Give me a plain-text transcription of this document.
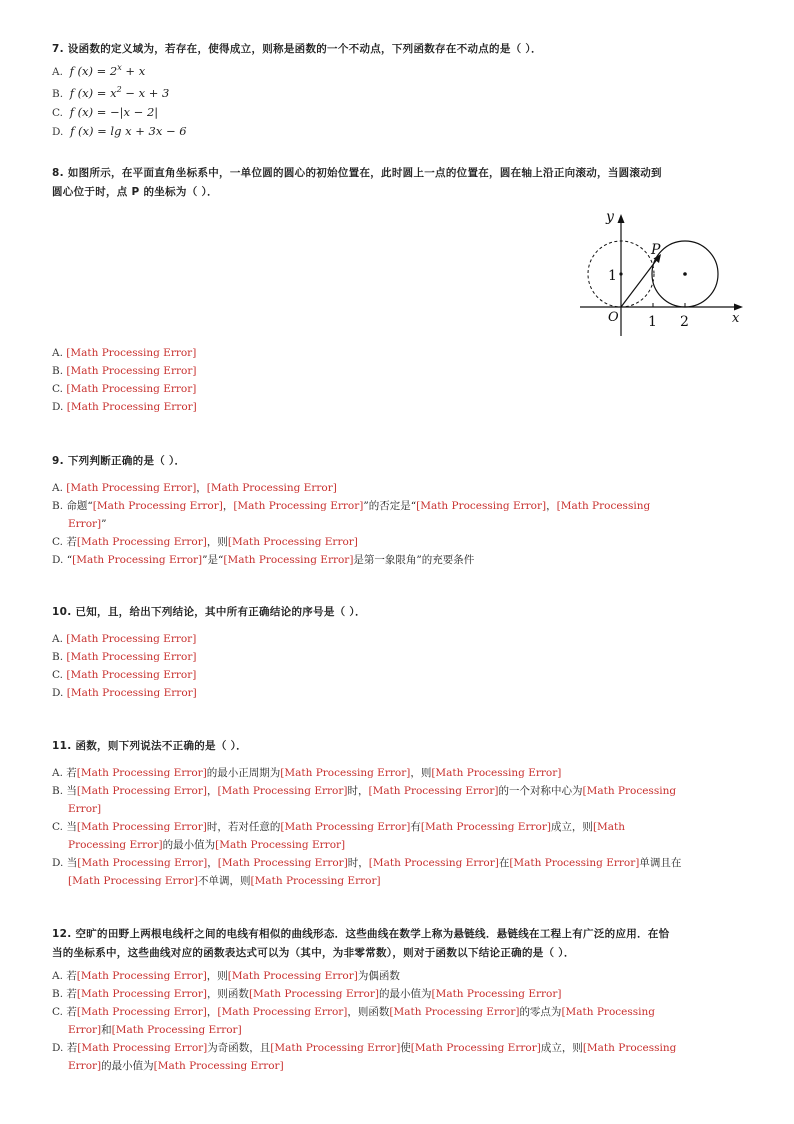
7. 设函数的定义域为，若存在，使得成立，则称是函数的一个不动点，下列函数存在不动点的是（ ）．
A. f $(x) = 2^x + x$
B. f $(x) = x^2 - x + 3$
C. f (x) = −|x − 2|
D. f (x) = lg x + 3x − 6
8. 如图所示，在平面直角坐标系中，一单位圆的圆心的初始位置在，此时圆上一点的位置在，圆在轴上沿正向滚动，当圆滚动到
圆心位于时，点 P 的坐标为（ ）．
y
x
O 1 2
1
P
A. [Math Processing Error]
B. [Math Processing Error]
C. [Math Processing Error]
D. [Math Processing Error]
9. 下列判断正确的是（ ）．
A. [Math Processing Error]，[Math Processing Error]
B. 命题“[Math Processing Error]，[Math Processing Error]”的否定是“[Math Processing Error]，[Math Processing
Error]”
C. 若[Math Processing Error]，则[Math Processing Error]
D. “[Math Processing Error]”是“[Math Processing Error]是第一象限角”的充要条件
10. 已知，且，给出下列结论，其中所有正确结论的序号是（ ）．
A. [Math Processing Error]
B. [Math Processing Error]
C. [Math Processing Error]
D. [Math Processing Error]
11. 函数，则下列说法不正确的是（ ）．
A. 若[Math Processing Error]的最小正周期为[Math Processing Error]，则[Math Processing Error]
B. 当[Math Processing Error]，[Math Processing Error]时，[Math Processing Error]的一个对称中心为[Math Processing
Error]
C. 当[Math Processing Error]时，若对任意的[Math Processing Error]有[Math Processing Error]成立，则[Math
Processing Error]的最小值为[Math Processing Error]
D. 当[Math Processing Error]，[Math Processing Error]时，[Math Processing Error]在[Math Processing Error]单调且在
[Math Processing Error]不单调，则[Math Processing Error]
12. 空旷的田野上两根电线杆之间的电线有相似的曲线形态．这些曲线在数学上称为悬链线．悬链线在工程上有广泛的应用．在恰
当的坐标系中，这些曲线对应的函数表达式可以为（其中，为非零常数），则对于函数以下结论正确的是（ ）．
A. 若[Math Processing Error]，则[Math Processing Error]为偶函数
B. 若[Math Processing Error]，则函数[Math Processing Error]的最小值为[Math Processing Error]
C. 若[Math Processing Error]，[Math Processing Error]，则函数[Math Processing Error]的零点为[Math Processing
Error]和[Math Processing Error]
D. 若[Math Processing Error]为奇函数，且[Math Processing Error]使[Math Processing Error]成立，则[Math Processing
Error]的最小值为[Math Processing Error]
